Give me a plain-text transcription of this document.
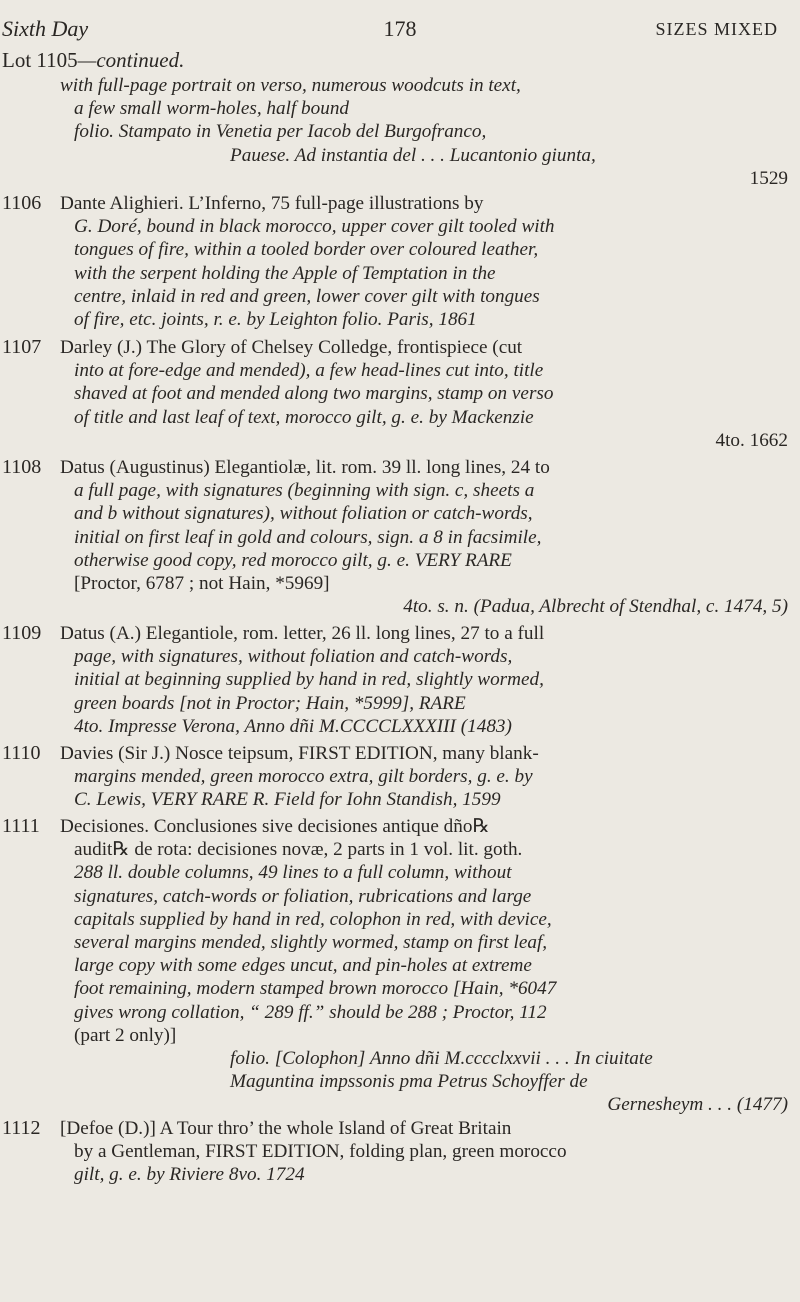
Sixth Day	178	SIZES MIXED
Lot 1105—continued.
with full-page portrait on verso, numerous woodcuts in text,
a few small worm-holes, half bound
folio. Stampato in Venetia per Iacob del Burgofranco,
Pauese. Ad instantia del . . . Lucantonio giunta,
1529
1106 Dante Alighieri. L’Inferno, 75 full-page illustrations by
G. Doré, bound in black morocco, upper cover gilt tooled with
tongues of fire, within a tooled border over coloured leather,
with the serpent holding the Apple of Temptation in the
centre, inlaid in red and green, lower cover gilt with tongues
of fire, etc. joints, r. e. by Leighton folio. Paris, 1861
1107 Darley (J.) The Glory of Chelsey Colledge, frontispiece (cut
into at fore-edge and mended), a few head-lines cut into, title
shaved at foot and mended along two margins, stamp on verso
of title and last leaf of text, morocco gilt, g. e. by Mackenzie
4to. 1662
1108 Datus (Augustinus) Elegantiolæ, lit. rom. 39 ll. long lines, 24 to
a full page, with signatures (beginning with sign. c, sheets a
and b without signatures), without foliation or catch-words,
initial on first leaf in gold and colours, sign. a 8 in facsimile,
otherwise good copy, red morocco gilt, g. e. VERY RARE
[Proctor, 6787 ; not Hain, *5969]
4to. s. n. (Padua, Albrecht of Stendhal, c. 1474, 5)
1109 Datus (A.) Elegantiole, rom. letter, 26 ll. long lines, 27 to a full
page, with signatures, without foliation and catch-words,
initial at beginning supplied by hand in red, slightly wormed,
green boards [not in Proctor; Hain, *5999], RARE
4to. Impresse Verona, Anno dñi M.CCCCLXXXIII (1483)
1110	Davies (Sir J.) Nosce teipsum, FIRST EDITION, many blank-
margins mended, green morocco extra, gilt borders, g. e. by
C. Lewis, VERY RARE R. Field for Iohn Standish, 1599
1111	Decisiones. Conclusiones sive decisiones antique dño℞
audit℞ de rota: decisiones novæ, 2 parts in 1 vol. lit. goth.
288 ll. double columns, 49 lines to a full column, without
signatures, catch-words or foliation, rubrications and large
capitals supplied by hand in red, colophon in red, with device,
several margins mended, slightly wormed, stamp on first leaf,
large copy with some edges uncut, and pin-holes at extreme
foot remaining, modern stamped brown morocco [Hain, *6047
gives wrong collation, “ 289 ff.” should be 288 ; Proctor, 112
(part 2 only)]
folio. [Colophon] Anno dñi M.cccclxxvii . . . In ciuitate
Maguntina impssonis pma Petrus Schoyffer de
Gernesheym . . . (1477)
1112	[Defoe (D.)] A Tour thro’ the whole Island of Great Britain
by a Gentleman, FIRST EDITION, folding plan, green morocco
gilt, g. e. by Riviere 8vo. 1724
